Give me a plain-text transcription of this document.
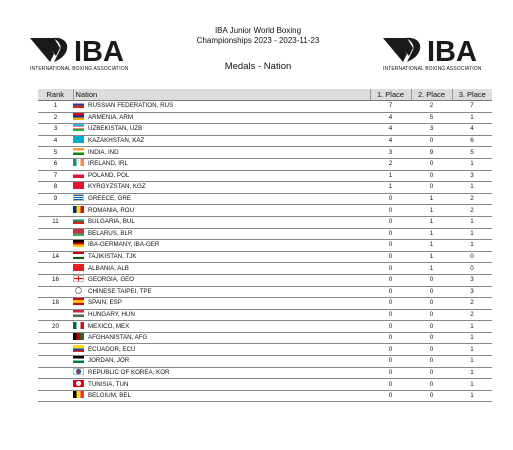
IBA
INTERNATIONAL BOXING ASSOCIATION
IBA Junior World Boxing
Championships 2023 - 2023-11-23
Medals - Nation	IBA
INTERNATIONAL BOXING ASSOCIATION
Rank	Nation	1. Place	2. Place	3. Place
1	RUSSIAN FEDERATION, RUS	7	2	7
2	ARMENIA, ARM	4	5	1
3	UZBEKISTAN, UZB	4	3	4
4	KAZAKHSTAN, KAZ	4	0	6
5	INDIA, IND	3	9	5
6	IRELAND, IRL	2	0	1
7	POLAND, POL	1	0	3
8	KYRGYZSTAN, KGZ	1	0	1
9	GREECE, GRE	0	1	2
	ROMANIA, ROU	0	1	2
11	BULGARIA, BUL	0	1	1
	BELARUS, BLR	0	1	1
	IBA-GERMANY, IBA-GER	0	1	1
14	TAJIKISTAN, TJK	0	1	0
	ALBANIA, ALB	0	1	0
16	GEORGIA, GEO	0	0	3
	CHINESE TAIPEI, TPE	0	0	3
18	SPAIN, ESP	0	0	2
	HUNGARY, HUN	0	0	2
20	MEXICO, MEX	0	0	1
	AFGHANISTAN, AFG	0	0	1
	ECUADOR, ECU	0	0	1
	JORDAN, JOR	0	0	1
	REPUBLIC OF KOREA, KOR	0	0	1
	TUNISIA, TUN	0	0	1
	BELGIUM, BEL	0	0	1
